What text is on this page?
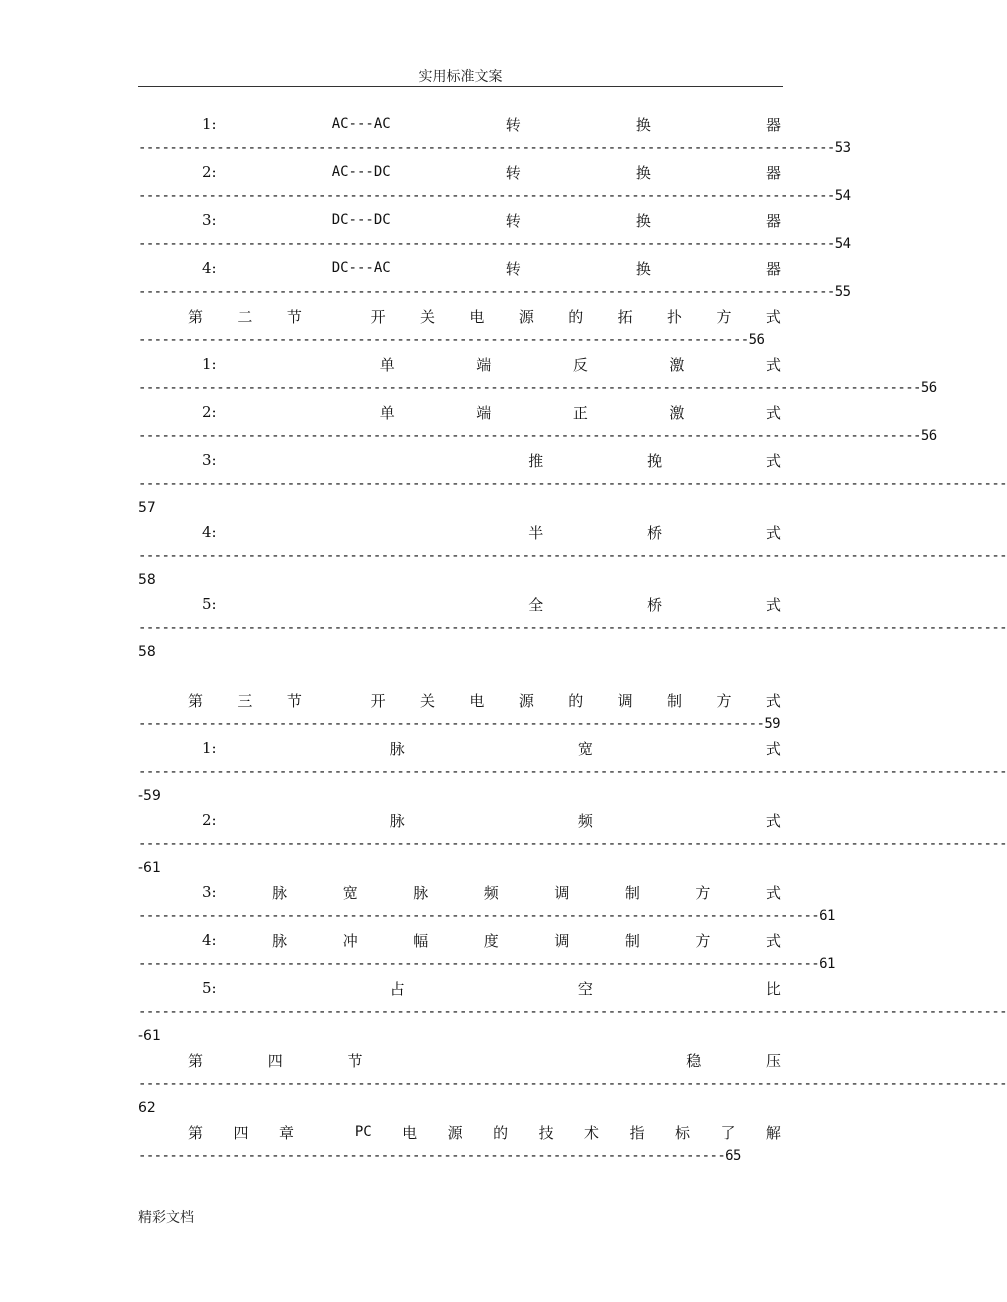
实用标准文案
1:	AC---AC	转	换	器
----------------------------------------------------------------------------------------- 53
2:	AC---DC	转	换	器
----------------------------------------------------------------------------------------- 54
3:	DC---DC	转	换	器
----------------------------------------------------------------------------------------- 54
4:	DC---AC	转	换	器
----------------------------------------------------------------------------------------- 55
第 二 节	开 关 电 源 的 拓 扑 方 式
------------------------------------------------------------------------------ 56
1:	单	端	反	激	式
---------------------------------------------------------------------------------------------------- 56
2:	单	端	正	激	式
---------------------------------------------------------------------------------------------------- 56
3:	推	挽	式
---------------------------------------------------------------------------------------------------------------
57
4:	半	桥	式
---------------------------------------------------------------------------------------------------------------
58
5:	全	桥	式
---------------------------------------------------------------------------------------------------------------
58
第 三 节	开 关 电 源 的 调 制 方 式
-------------------------------------------------------------------------------- 59
1:	脉	宽	式
---------------------------------------------------------------------------------------------------------------
-59
2:	脉	频	式
---------------------------------------------------------------------------------------------------------------
-61
3:	脉	宽	脉	频	调	制	方	式
--------------------------------------------------------------------------------------- 61
4:	脉	冲	幅	度	调	制	方	式
--------------------------------------------------------------------------------------- 61
5:	占	空	比
---------------------------------------------------------------------------------------------------------------
-61
第	四	节	稳	压
---------------------------------------------------------------------------------------------------------------
62
第 四 章	PC 电 源 的 技 术 指 标 了 解
--------------------------------------------------------------------------- 65
精彩文档
